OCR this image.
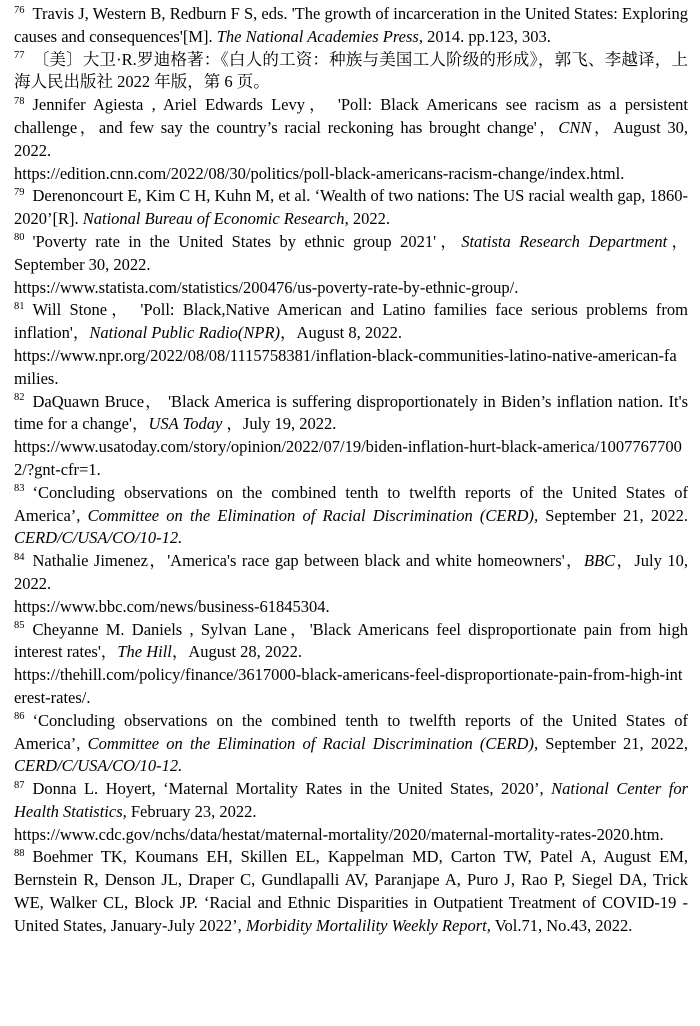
$^{76}$ Travis J, Western B, Redburn F S, eds. 'The growth of incarceration in the United States: Exploring causes and consequences'[M]. The National Academies Press, 2014. pp.123, 303.

$^{77}$ 〔美〕大卫·R.罗迪格著：《白人的工资：种族与美国工人阶级的形成》，郭飞、李越译，上海人民出版社 2022 年版，第 6 页。

$^{78}$ Jennifer Agiesta , Ariel Edwards Levy， 'Poll: Black Americans see racism as a persistent challenge，and few say the country’s racial reckoning has brought change'，CNN，August 30, 2022.
https://edition.cnn.com/2022/08/30/politics/poll-black-americans-racism-change/index.html.

$^{79}$ Derenoncourt E, Kim C H, Kuhn M, et al. ‘Wealth of two nations: The US racial wealth gap, 1860-2020’[R]. National Bureau of Economic Research, 2022.

$^{80}$ 'Poverty rate in the United States by ethnic group 2021'，Statista Research Department，September 30, 2022.
https://www.statista.com/statistics/200476/us-poverty-rate-by-ethnic-group/.

$^{81}$ Will Stone， 'Poll: Black,Native American and Latino families face serious problems from inflation'，National Public Radio(NPR)，August 8, 2022.
https://www.npr.org/2022/08/08/1115758381/inflation-black-communities-latino-native-american-families.

$^{82}$ DaQuawn Bruce， 'Black America is suffering disproportionately in Biden’s inflation nation. It's time for a change'，USA Today ，July 19, 2022.
https://www.usatoday.com/story/opinion/2022/07/19/biden-inflation-hurt-black-america/10077677002/?gnt-cfr=1.

$^{83}$ ‘Concluding observations on the combined tenth to twelfth reports of the United States of America’, Committee on the Elimination of Racial Discrimination (CERD), September 21, 2022. CERD/C/USA/CO/10-12.

$^{84}$ Nathalie Jimenez，'America's race gap between black and white homeowners'，BBC，July 10, 2022.
https://www.bbc.com/news/business-61845304.

$^{85}$ Cheyanne M. Daniels , Sylvan Lane，'Black Americans feel disproportionate pain from high interest rates'，The Hill，August 28, 2022.
https://thehill.com/policy/finance/3617000-black-americans-feel-disproportionate-pain-from-high-interest-rates/.

$^{86}$ ‘Concluding observations on the combined tenth to twelfth reports of the United States of America’, Committee on the Elimination of Racial Discrimination (CERD), September 21, 2022, CERD/C/USA/CO/10-12.

$^{87}$ Donna L. Hoyert, ‘Maternal Mortality Rates in the United States, 2020’, National Center for Health Statistics, February 23, 2022.
https://www.cdc.gov/nchs/data/hestat/maternal-mortality/2020/maternal-mortality-rates-2020.htm.

$^{88}$ Boehmer TK, Koumans EH, Skillen EL, Kappelman MD, Carton TW, Patel A, August EM, Bernstein R, Denson JL, Draper C, Gundlapalli AV, Paranjape A, Puro J, Rao P, Siegel DA, Trick WE, Walker CL, Block JP. ‘Racial and Ethnic Disparities in Outpatient Treatment of COVID-19 - United States, January-July 2022’, Morbidity Mortalility Weekly Report, Vol.71, No.43, 2022.
